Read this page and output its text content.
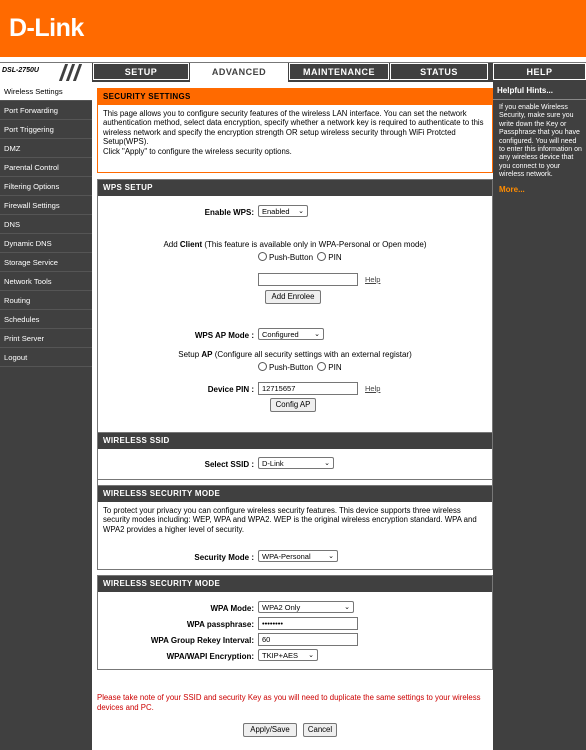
D-Link
DSL-2750U	SETUP	ADVANCED	MAINTENANCE	STATUS	HELP
Wireless Settings
Port Forwarding
Port Triggering
DMZ
Parental Control
Filtering Options
Firewall Settings
DNS
Dynamic DNS
Storage Service
Network Tools
Routing
Schedules
Print Server
Logout
SECURITY SETTINGS
This page allows you to configure security features of the wireless LAN interface. You can set the network authentication method, select data encryption, specify whether a network key is required to authenticate to this wireless network and specify the encryption strength OR setup wireless security through WiFi Protcted Setup(WPS).
Click "Apply" to configure the wireless security options.
WPS SETUP
Enable WPS:	Enabled ⌄
Add Client (This feature is available only in WPA-Personal or Open mode)
Push-Button PIN
Help
Add Enrolee
WPS AP Mode :	Configured ⌄
Setup AP (Configure all security settings with an external registar)
Push-Button PIN
Device PIN :	12715657	Help
Config AP
WIRELESS SSID
Select SSID :	D-Link	⌄
WIRELESS SECURITY MODE
To protect your privacy you can configure wireless security features. This device supports three wireless security modes including: WEP, WPA and WPA2. WEP is the original wireless encryption standard. WPA and WPA2 provides a higher level of security.
Security Mode :	WPA-Personal ⌄
WIRELESS SECURITY MODE
WPA Mode:	WPA2 Only	⌄
WPA passphrase:	••••••••
WPA Group Rekey Interval:	60
WPA/WAPI Encryption:	TKIP+AES ⌄
Please take note of your SSID and security Key as you will need to duplicate the same settings to your wireless devices and PC.
Apply/Save	Cancel
Helpful Hints...
If you enable Wireless Security, make sure you write down the Key or Passphrase that you have configured. You will need to enter this information on any wireless device that you connect to your wireless network.
More...
